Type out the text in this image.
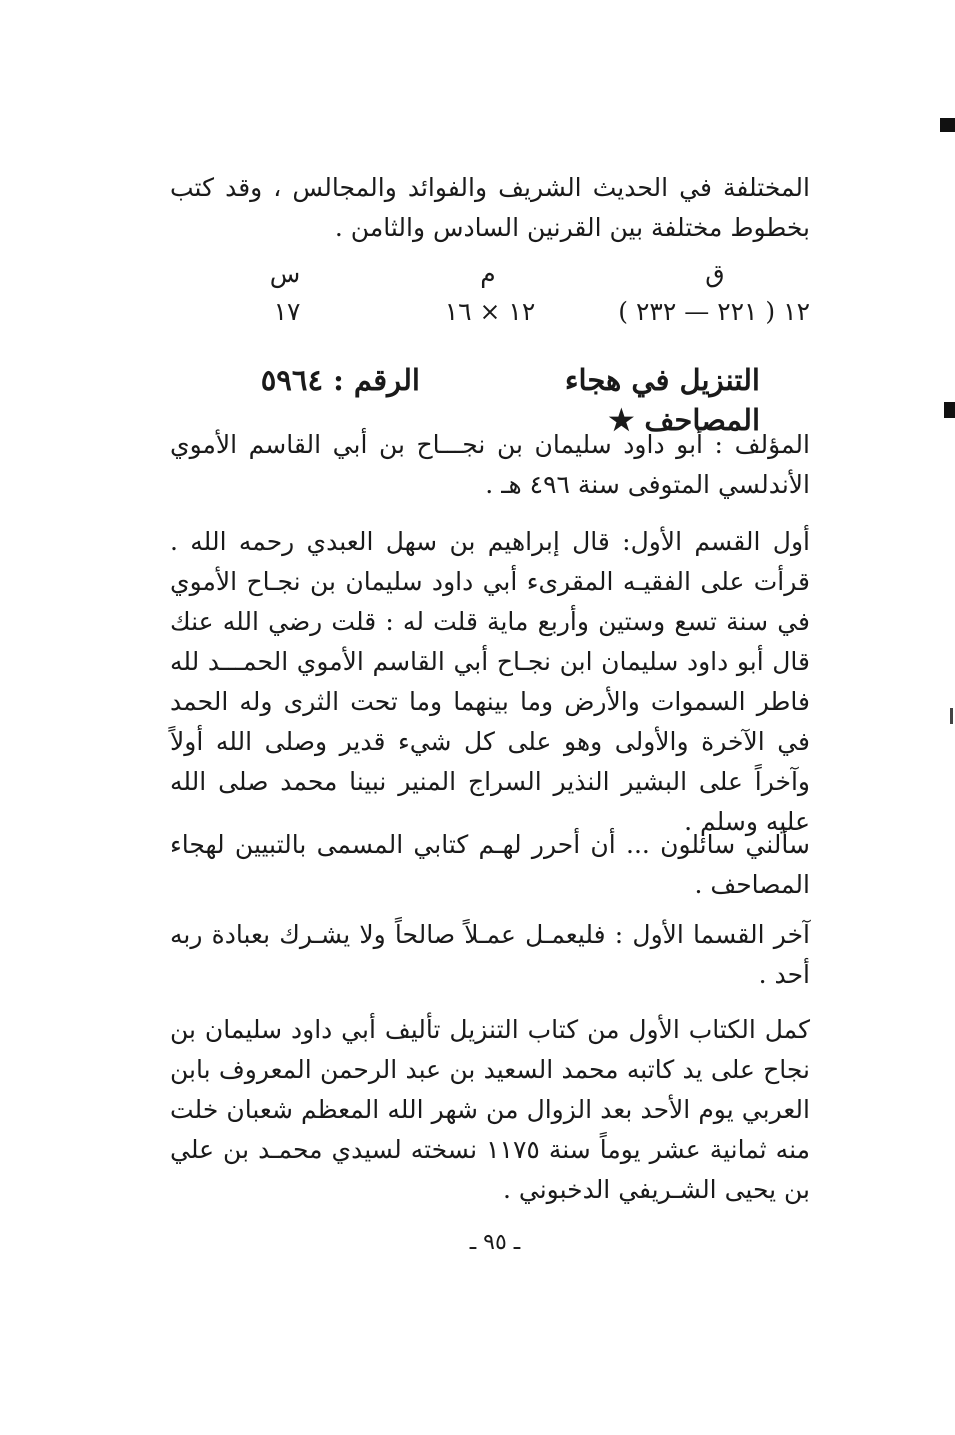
المختلفة في الحديث الشريف والفوائد والمجالس ، وقد كتب بخطوط مختلفة بين القرنين السادس والثامن .

ق
م
س
١٢ ( ٢٢١ — ٢٣٢ )
١٢ × ١٦
١٧
التنزيل في هجاء المصاحف ★
الرقم : ٥٩٦٤

المؤلف : أبو داود سليمان بن نجـــاح بن أبي القاسم الأموي الأندلسي المتوفى سنة ٤٩٦ هـ .

أول القسم الأول: قال إبراهيم بن سهل العبدي رحمه الله . قرأت على الفقيـه المقرىء أبي داود سليمان بن نجـاح الأموي في سنة تسع وستين وأربع ماية قلت له : قلت رضي الله عنك قال أبو داود سليمان ابن نجـاح أبي القاسم الأموي الحمـــد لله فاطر السموات والأرض وما بينهما وما تحت الثرى وله الحمد في الآخرة والأولى وهو على كل شيء قدير وصلى الله أولاً وآخراً على البشير النذير السراج المنير نبينا محمد صلى الله عليه وسلم .

سألني سائلون ... أن أحرر لهـم كتابي المسمى بالتبيين لهجاء المصاحف .

آخر القسما الأول : فليعمـل عمـلاً صالحاً ولا يشـرك بعبادة ربه أحد .

كمل الكتاب الأول من كتاب التنزيل تأليف أبي داود سليمان بن نجاح على يد كاتبه محمد السعيد بن عبد الرحمن المعروف بابن العربي يوم الأحد بعد الزوال من شهر الله المعظم شعبان خلت منه ثمانية عشر يوماً سنة ١١٧٥ نسخته لسيدي محمـد بن علي بن يحيى الشـريفي الدخبوني .

ـ ٩٥ ـ
